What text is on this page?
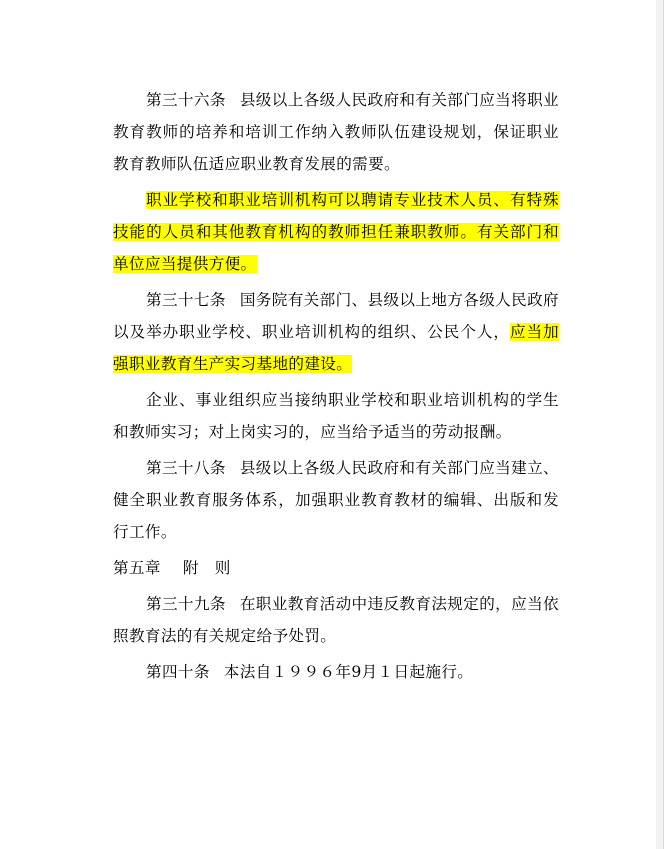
第三十六条 县级以上各级人民政府和有关部门应当将职业教育教师的培养和培训工作纳入教师队伍建设规划，保证职业教育教师队伍适应职业教育发展的需要。

职业学校和职业培训机构可以聘请专业技术人员、有特殊技能的人员和其他教育机构的教师担任兼职教师。有关部门和单位应当提供方便。

第三十七条 国务院有关部门、县级以上地方各级人民政府以及举办职业学校、职业培训机构的组织、公民个人，应当加强职业教育生产实习基地的建设。

企业、事业组织应当接纳职业学校和职业培训机构的学生和教师实习；对上岗实习的，应当给予适当的劳动报酬。

第三十八条 县级以上各级人民政府和有关部门应当建立、健全职业教育服务体系，加强职业教育教材的编辑、出版和发行工作。

第五章 附 则

第三十九条 在职业教育活动中违反教育法规定的，应当依照教育法的有关规定给予处罚。

第四十条 本法自１９９６年9月１日起施行。
